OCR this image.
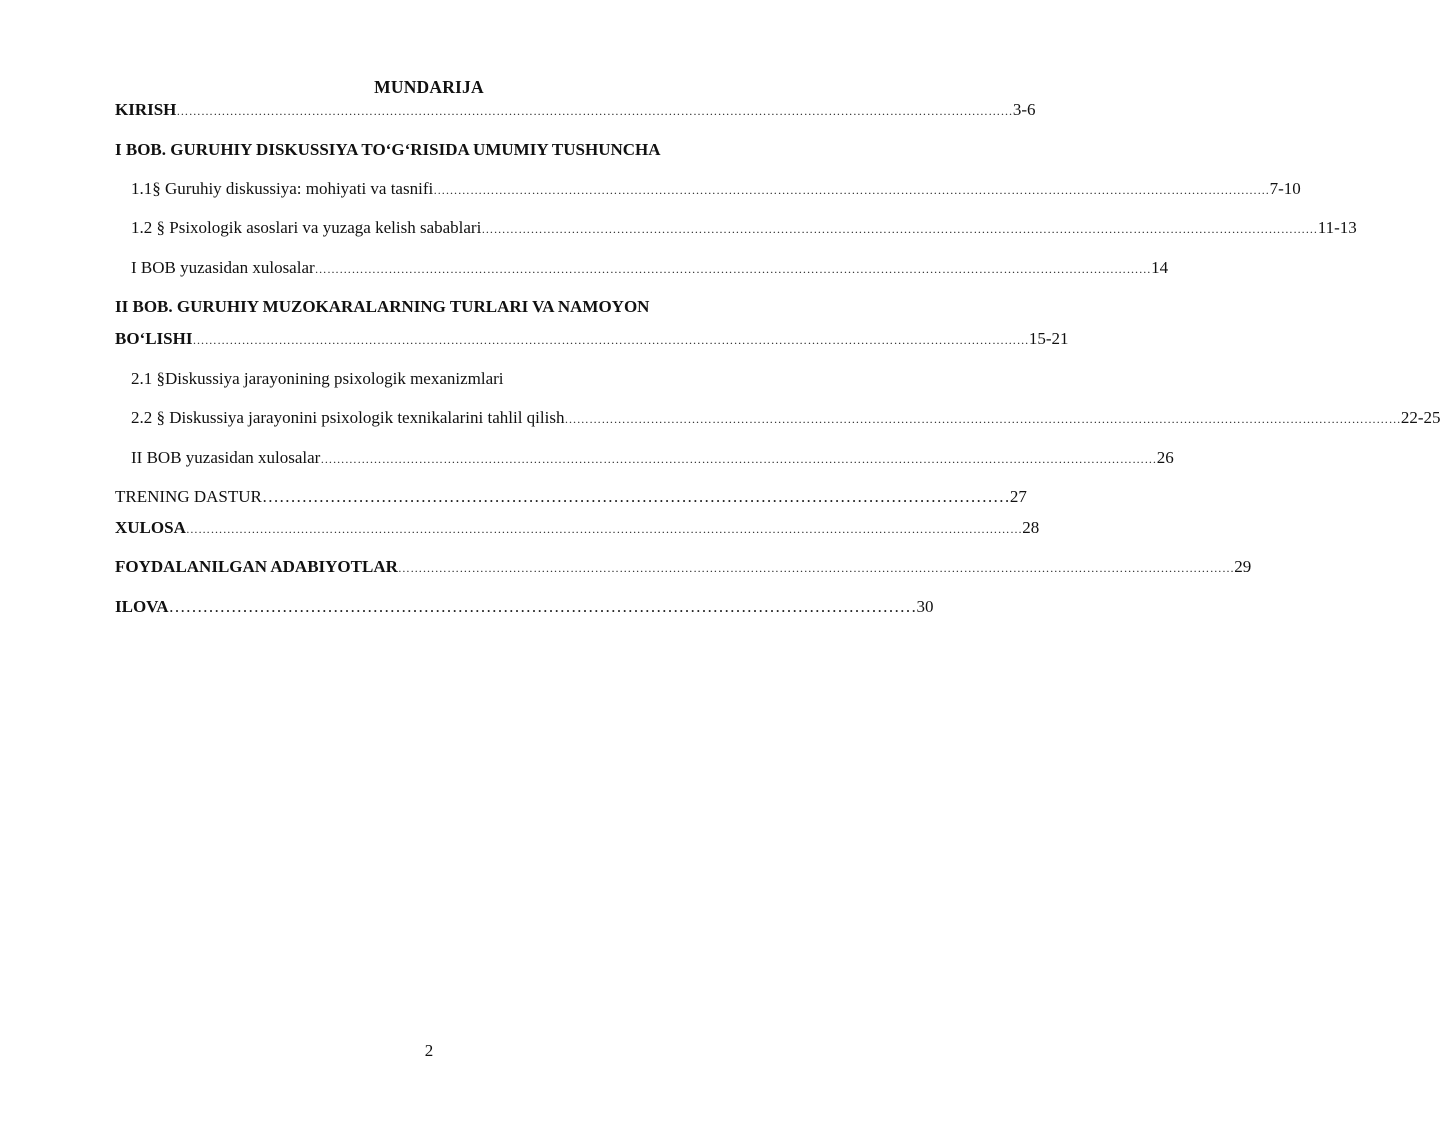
MUNDARIJA
KIRISH …………………………………………………………………………………………………………………………………………………………………………………… 3-6
I BOB. GURUHIY DISKUSSIYA TO‘G‘RISIDA UMUMIY TUSHUNCHA
1.1§ Guruhiy diskussiya: mohiyati va tasnifi …………………………………………………………………………………………………………………………………………………………………………………… 7-10
1.2 § Psixologik asoslari va yuzaga kelish sabablari …………………………………………………………………………………………………………………………………………………………………………………… 11-13
I BOB yuzasidan xulosalar …………………………………………………………………………………………………………………………………………………………………………………… 14
II BOB. GURUHIY MUZOKARALARNING TURLARI VA NAMOYON
BO‘LISHI …………………………………………………………………………………………………………………………………………………………………………………… 15-21
2.1 §Diskussiya jarayonining psixologik mexanizmlari
2.2 § Diskussiya jarayonini psixologik texnikalarini tahlil qilish …………………………………………………………………………………………………………………………………………………………………………………… 22-25
II BOB yuzasidan xulosalar …………………………………………………………………………………………………………………………………………………………………………………… 26
TRENING DASTUR …………………………………………………………………………………………………………………… 27
XULOSA …………………………………………………………………………………………………………………………………………………………………………………… 28
FOYDALANILGAN ADABIYOTLAR …………………………………………………………………………………………………………………………………………………………………………………… 29
ILOVA …………………………………………………………………………………………………………………… 30
2
